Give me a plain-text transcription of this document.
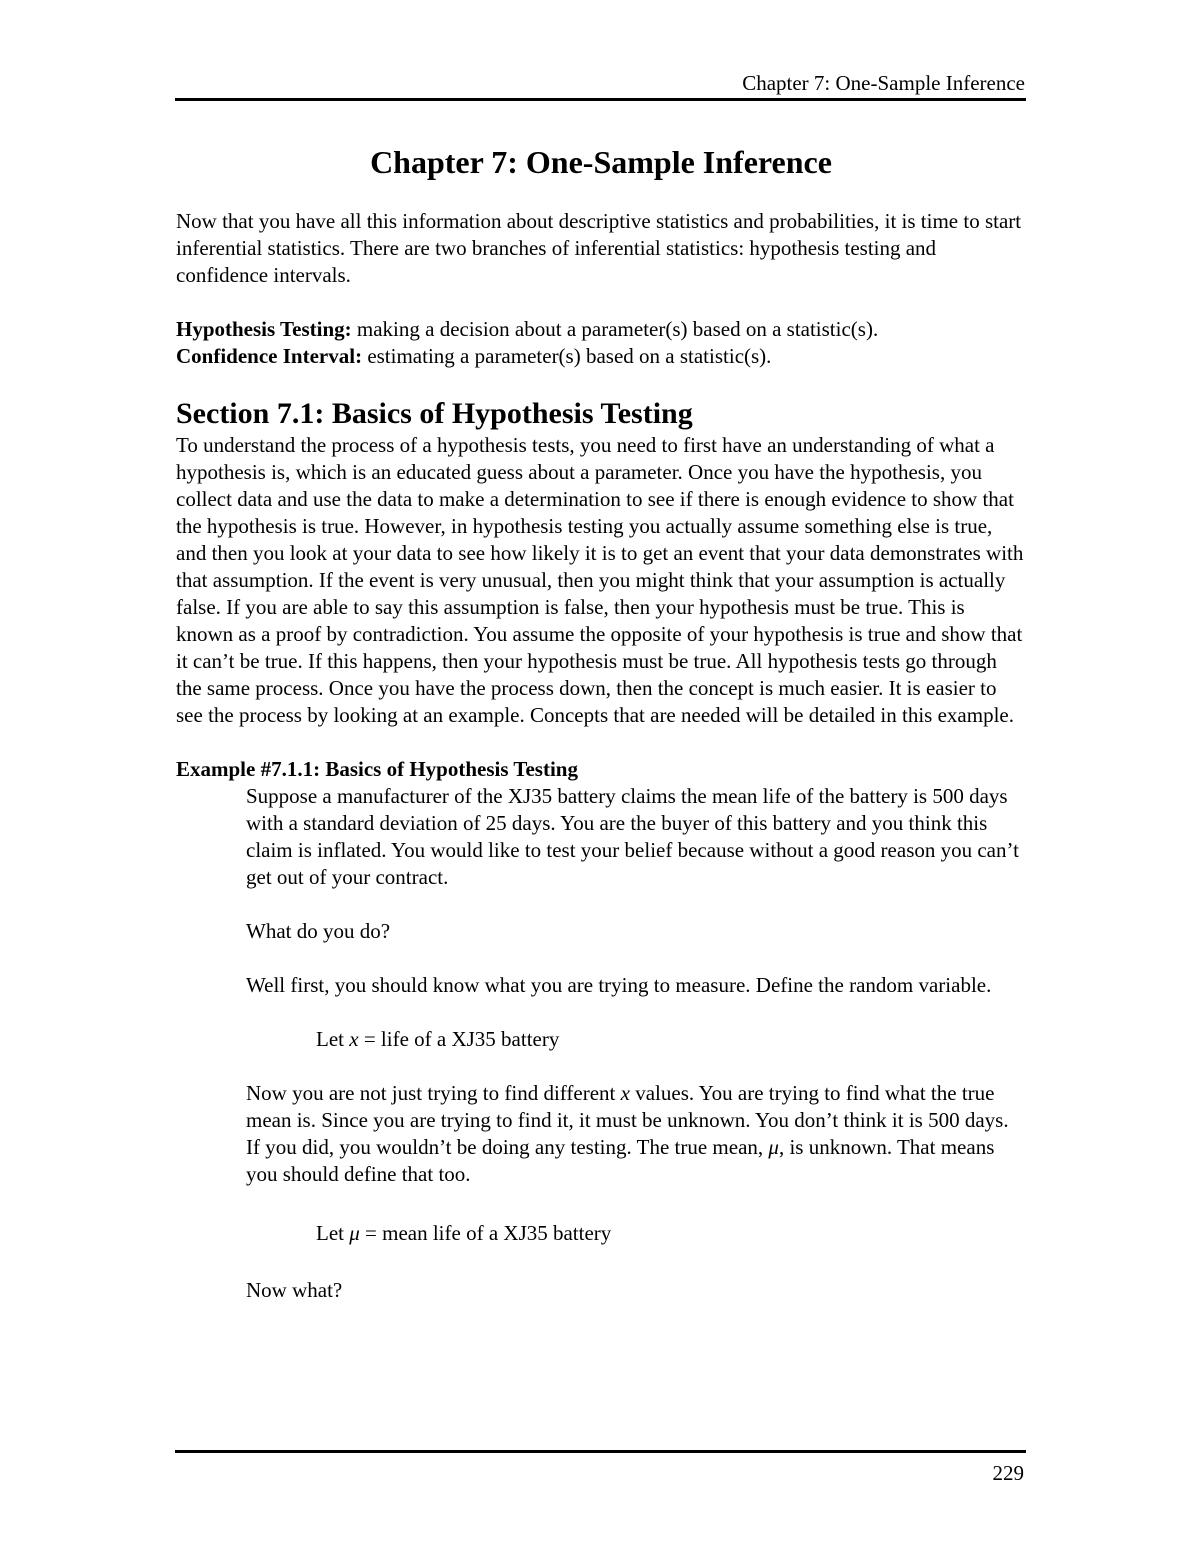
Chapter 7: One-Sample Inference
Chapter 7: One-Sample Inference

Now that you have all this information about descriptive statistics and probabilities, it is time to start inferential statistics. There are two branches of inferential statistics: hypothesis testing and confidence intervals.

Hypothesis Testing: making a decision about a parameter(s) based on a statistic(s).

Confidence Interval: estimating a parameter(s) based on a statistic(s).

Section 7.1: Basics of Hypothesis Testing

To understand the process of a hypothesis tests, you need to first have an understanding of what a hypothesis is, which is an educated guess about a parameter. Once you have the hypothesis, you collect data and use the data to make a determination to see if there is enough evidence to show that the hypothesis is true. However, in hypothesis testing you actually assume something else is true, and then you look at your data to see how likely it is to get an event that your data demonstrates with that assumption. If the event is very unusual, then you might think that your assumption is actually false. If you are able to say this assumption is false, then your hypothesis must be true. This is known as a proof by contradiction. You assume the opposite of your hypothesis is true and show that it can’t be true. If this happens, then your hypothesis must be true. All hypothesis tests go through the same process. Once you have the process down, then the concept is much easier. It is easier to see the process by looking at an example. Concepts that are needed will be detailed in this example.

Example #7.1.1: Basics of Hypothesis Testing

Suppose a manufacturer of the XJ35 battery claims the mean life of the battery is 500 days with a standard deviation of 25 days. You are the buyer of this battery and you think this claim is inflated. You would like to test your belief because without a good reason you can’t get out of your contract.

What do you do?

Well first, you should know what you are trying to measure. Define the random variable.

Let x = life of a XJ35 battery

Now you are not just trying to find different x values. You are trying to find what the true mean is. Since you are trying to find it, it must be unknown. You don’t think it is 500 days. If you did, you wouldn’t be doing any testing. The true mean, μ, is unknown. That means you should define that too.

Let μ = mean life of a XJ35 battery

Now what?

229
